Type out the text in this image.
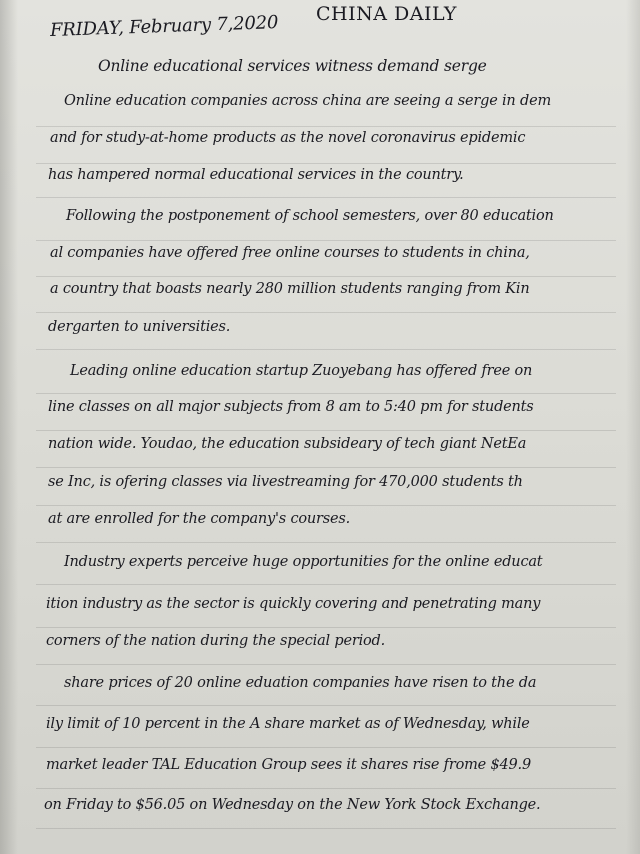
CHINA DAILY

FRIDAY, February 7,2020

Online educational services witness demand serge

Online education companies across china are seeing a serge in dem

and for study-at-home products as the novel coronavirus epidemic

has hampered normal educational services in the country.

Following the postponement of school semesters, over 80 education

al companies have offered free online courses to students in china,

a country that boasts nearly 280 million students ranging from Kin

dergarten to universities.

Leading online education startup Zuoyebang has offered free on

line classes on all major subjects from 8 am to 5:40 pm for students

nation wide. Youdao, the education subsideary of tech giant NetEa

se Inc, is ofering classes via livestreaming for 470,000 students th

at are enrolled for the company's courses.

Industry experts perceive huge opportunities for the online educat

ition industry as the sector is quickly covering and penetrating many

corners of the nation during the special period.

share prices of 20 online eduation companies have risen to the da

ily limit of 10 percent in the A share market as of Wednesday, while

market leader TAL Education Group sees it shares rise frome $49.9

on Friday to $56.05 on Wednesday on the New York Stock Exchange.
